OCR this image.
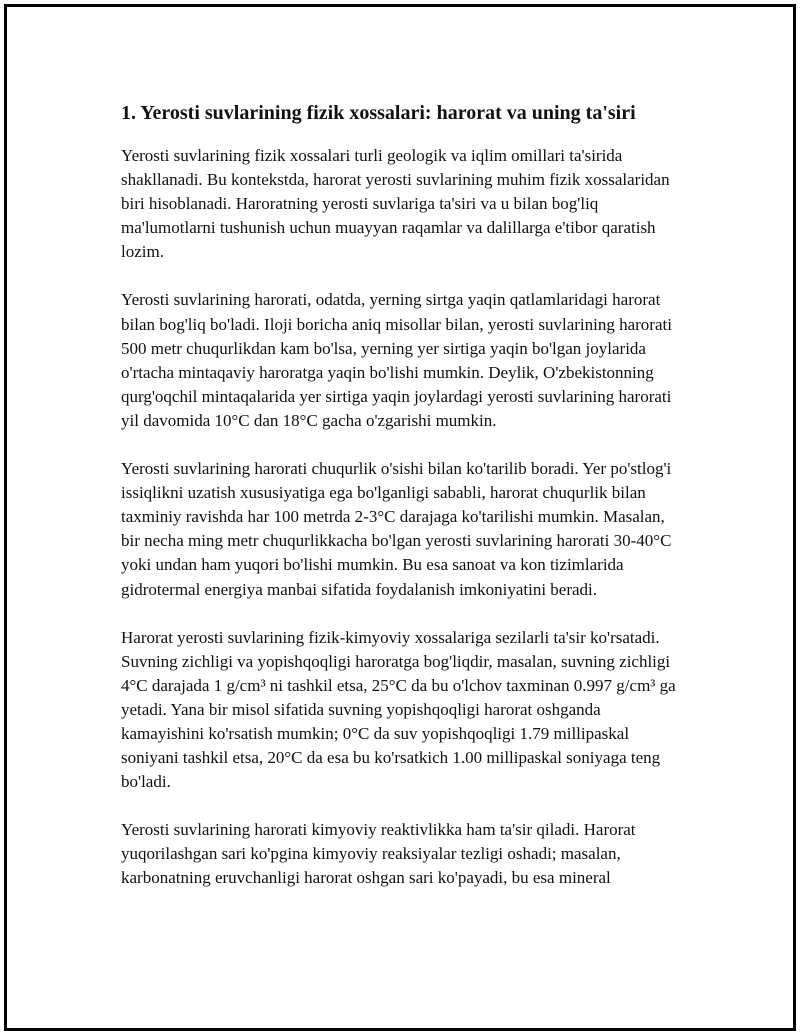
1. Yerosti suvlarining fizik xossalari: harorat va uning ta'siri

Yerosti suvlarining fizik xossalari turli geologik va iqlim omillari ta'sirida shakllanadi. Bu kontekstda, harorat yerosti suvlarining muhim fizik xossalaridan biri hisoblanadi. Haroratning yerosti suvlariga ta'siri va u bilan bog'liq ma'lumotlarni tushunish uchun muayyan raqamlar va dalillarga e'tibor qaratish lozim.

Yerosti suvlarining harorati, odatda, yerning sirtga yaqin qatlamlaridagi harorat bilan bog'liq bo'ladi. Iloji boricha aniq misollar bilan, yerosti suvlarining harorati 500 metr chuqurlikdan kam bo'lsa, yerning yer sirtiga yaqin bo'lgan joylarida o'rtacha mintaqaviy haroratga yaqin bo'lishi mumkin. Deylik, O'zbekistonning qurg'oqchil mintaqalarida yer sirtiga yaqin joylardagi yerosti suvlarining harorati yil davomida 10°C dan 18°C gacha o'zgarishi mumkin.

Yerosti suvlarining harorati chuqurlik o'sishi bilan ko'tarilib boradi. Yer po'stlog'i issiqlikni uzatish xususiyatiga ega bo'lganligi sababli, harorat chuqurlik bilan taxminiy ravishda har 100 metrda 2-3°C darajaga ko'tarilishi mumkin. Masalan, bir necha ming metr chuqurlikkacha bo'lgan yerosti suvlarining harorati 30-40°C yoki undan ham yuqori bo'lishi mumkin. Bu esa sanoat va kon tizimlarida gidrotermal energiya manbai sifatida foydalanish imkoniyatini beradi.

Harorat yerosti suvlarining fizik-kimyoviy xossalariga sezilarli ta'sir ko'rsatadi. Suvning zichligi va yopishqoqligi haroratga bog'liqdir, masalan, suvning zichligi 4°C darajada 1 g/cm³ ni tashkil etsa, 25°C da bu o'lchov taxminan 0.997 g/cm³ ga yetadi. Yana bir misol sifatida suvning yopishqoqligi harorat oshganda kamayishini ko'rsatish mumkin; 0°C da suv yopishqoqligi 1.79 millipaskal soniyani tashkil etsa, 20°C da esa bu ko'rsatkich 1.00 millipaskal soniyaga teng bo'ladi.

Yerosti suvlarining harorati kimyoviy reaktivlikka ham ta'sir qiladi. Harorat yuqorilashgan sari ko'pgina kimyoviy reaksiyalar tezligi oshadi; masalan, karbonatning eruvchanligi harorat oshgan sari ko'payadi, bu esa mineral
